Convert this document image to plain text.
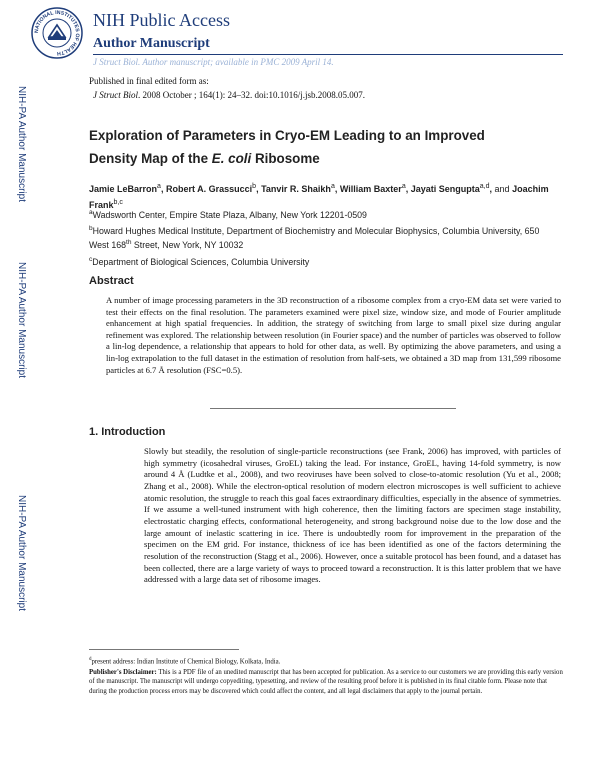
NATIONAL INSTITUTES OF HEALTH
NIH Public Access
Author Manuscript
J Struct Biol. Author manuscript; available in PMC 2009 April 14.
Published in final edited form as:
J Struct Biol. 2008 October ; 164(1): 24–32. doi:10.1016/j.jsb.2008.05.007.
NIH-PA Author Manuscript
NIH-PA Author Manuscript
NIH-PA Author Manuscript
Exploration of Parameters in Cryo-EM Leading to an Improved
Density Map of the E. coli Ribosome
Jamie LeBarron$^a$, Robert A. Grassucci$^b$, Tanvir R. Shaikh$^a$, William Baxter$^a$, Jayati Sengupta$^{a,d}$, and Joachim Frank$^{b,c}$
$^a$Wadsworth Center, Empire State Plaza, Albany, New York 12201-0509
$^b$Howard Hughes Medical Institute, Department of Biochemistry and Molecular Biophysics, Columbia University, 650 West 168th Street, New York, NY 10032
$^c$Department of Biological Sciences, Columbia University
Abstract
A number of image processing parameters in the 3D reconstruction of a ribosome complex from a cryo-EM data set were varied to test their effects on the final resolution. The parameters examined were pixel size, window size, and mode of Fourier amplitude enhancement at high spatial frequencies. In addition, the strategy of switching from large to small pixel size during angular refinement was explored. The relationship between resolution (in Fourier space) and the number of particles was observed to follow a lin-log dependence, a relationship that appears to hold for other data, as well. By optimizing the above parameters, and using a lin-log extrapolation to the full dataset in the estimation of resolution from half-sets, we obtained a 3D map from 131,599 ribosome particles at 6.7 Å resolution (FSC=0.5).
1. Introduction
Slowly but steadily, the resolution of single-particle reconstructions (see Frank, 2006) has improved, with particles of high symmetry (icosahedral viruses, GroEL) taking the lead. For instance, GroEL, having 14-fold symmetry, is now around 4 Å (Ludtke et al., 2008), and two reoviruses have been solved to close-to-atomic resolution (Yu et al., 2008; Zhang et al., 2008). While the electron-optical resolution of modern electron microscopes is well sufficient to achieve atomic resolution, the struggle to reach this goal faces extraordinary difficulties, especially in the absence of symmetries. If we assume a well-tuned instrument with high coherence, then the limiting factors are specimen stage instability, electrostatic charging effects, conformational heterogeneity, and strong background noise due to the low dose and the large amount of inelastic scattering in ice. There is undoubtedly room for improvement in the preparation of the specimen on the EM grid. For instance, thickness of ice has been identified as one of the factors determining the resolution of the reconstruction (Stagg et al., 2006). However, once a suitable protocol has been found, and a dataset has been collected, there are a large variety of ways to proceed toward a reconstruction. It is this latter problem that we have addressed with a large data set of ribosome images.
$^d$present address: Indian Institute of Chemical Biology, Kolkata, India.
Publisher's Disclaimer: This is a PDF file of an unedited manuscript that has been accepted for publication. As a service to our customers we are providing this early version of the manuscript. The manuscript will undergo copyediting, typesetting, and review of the resulting proof before it is published in its final citable form. Please note that during the production process errors may be discovered which could affect the content, and all legal disclaimers that apply to the journal pertain.
